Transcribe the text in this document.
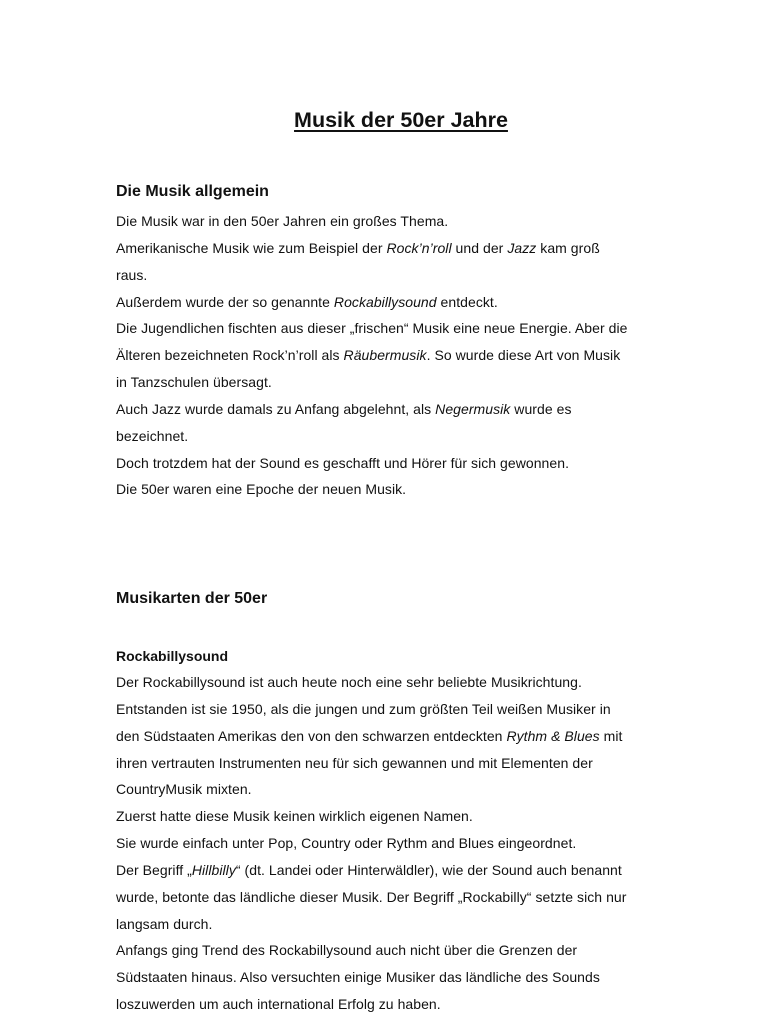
Musik der 50er Jahre
Die Musik allgemein
Die Musik war in den 50er Jahren ein großes Thema.
Amerikanische Musik wie zum Beispiel der Rock’n’roll und der Jazz kam groß
raus.
Außerdem wurde der so genannte Rockabillysound entdeckt.
Die Jugendlichen fischten aus dieser „frischen“ Musik eine neue Energie. Aber die
Älteren bezeichneten Rock’n’roll als Räubermusik. So wurde diese Art von Musik
in Tanzschulen übersagt.
Auch Jazz wurde damals zu Anfang abgelehnt, als Negermusik wurde es
bezeichnet.
Doch trotzdem hat der Sound es geschafft und Hörer für sich gewonnen.
Die 50er waren eine Epoche der neuen Musik.
Musikarten der 50er
Rockabillysound
Der Rockabillysound ist auch heute noch eine sehr beliebte Musikrichtung.
Entstanden ist sie 1950, als die jungen und zum größten Teil weißen Musiker in
den Südstaaten Amerikas den von den schwarzen entdeckten Rythm & Blues mit
ihren vertrauten Instrumenten neu für sich gewannen und mit Elementen der
CountryMusik mixten.
Zuerst hatte diese Musik keinen wirklich eigenen Namen.
Sie wurde einfach unter Pop, Country oder Rythm and Blues eingeordnet.
Der Begriff „Hillbilly“ (dt. Landei oder Hinterwäldler), wie der Sound auch benannt
wurde, betonte das ländliche dieser Musik. Der Begriff „Rockabilly“ setzte sich nur
langsam durch.
Anfangs ging Trend des Rockabillysound auch nicht über die Grenzen der
Südstaaten hinaus. Also versuchten einige Musiker das ländliche des Sounds
loszuwerden um auch international Erfolg zu haben.
